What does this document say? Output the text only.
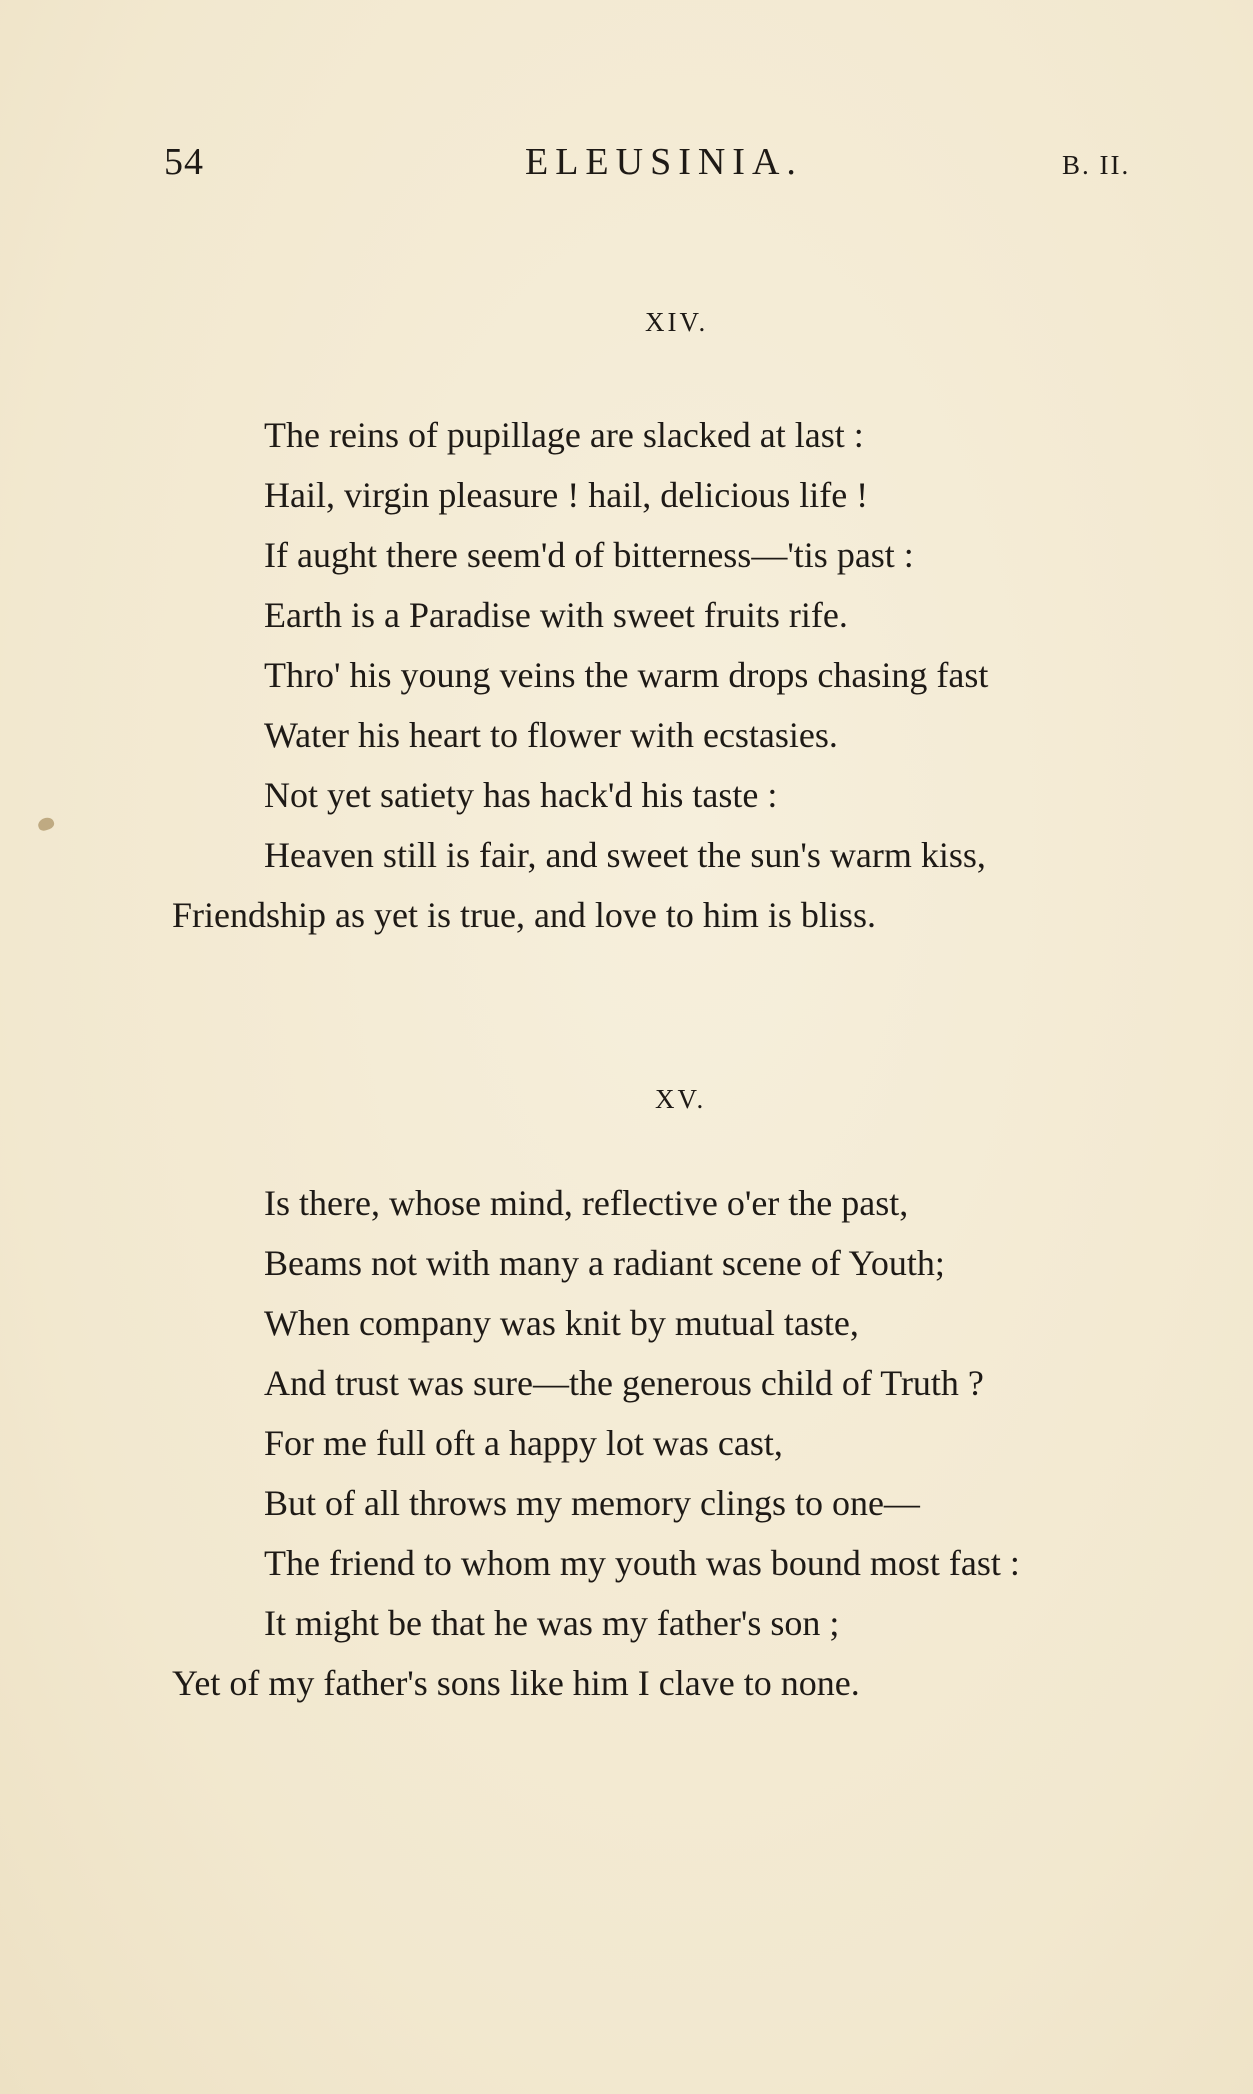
54	ELEUSINIA.	B. II.
XIV.
The reins of pupillage are slacked at last :
Hail, virgin pleasure ! hail, delicious life !
If aught there seem'd of bitterness—'tis past :
Earth is a Paradise with sweet fruits rife.
Thro' his young veins the warm drops chasing fast
Water his heart to flower with ecstasies.
Not yet satiety has hack'd his taste :
Heaven still is fair, and sweet the sun's warm kiss,
Friendship as yet is true, and love to him is bliss.
XV.
Is there, whose mind, reflective o'er the past,
Beams not with many a radiant scene of Youth;
When company was knit by mutual taste,
And trust was sure—the generous child of Truth ?
For me full oft a happy lot was cast,
But of all throws my memory clings to one—
The friend to whom my youth was bound most fast :
It might be that he was my father's son ;
Yet of my father's sons like him I clave to none.
